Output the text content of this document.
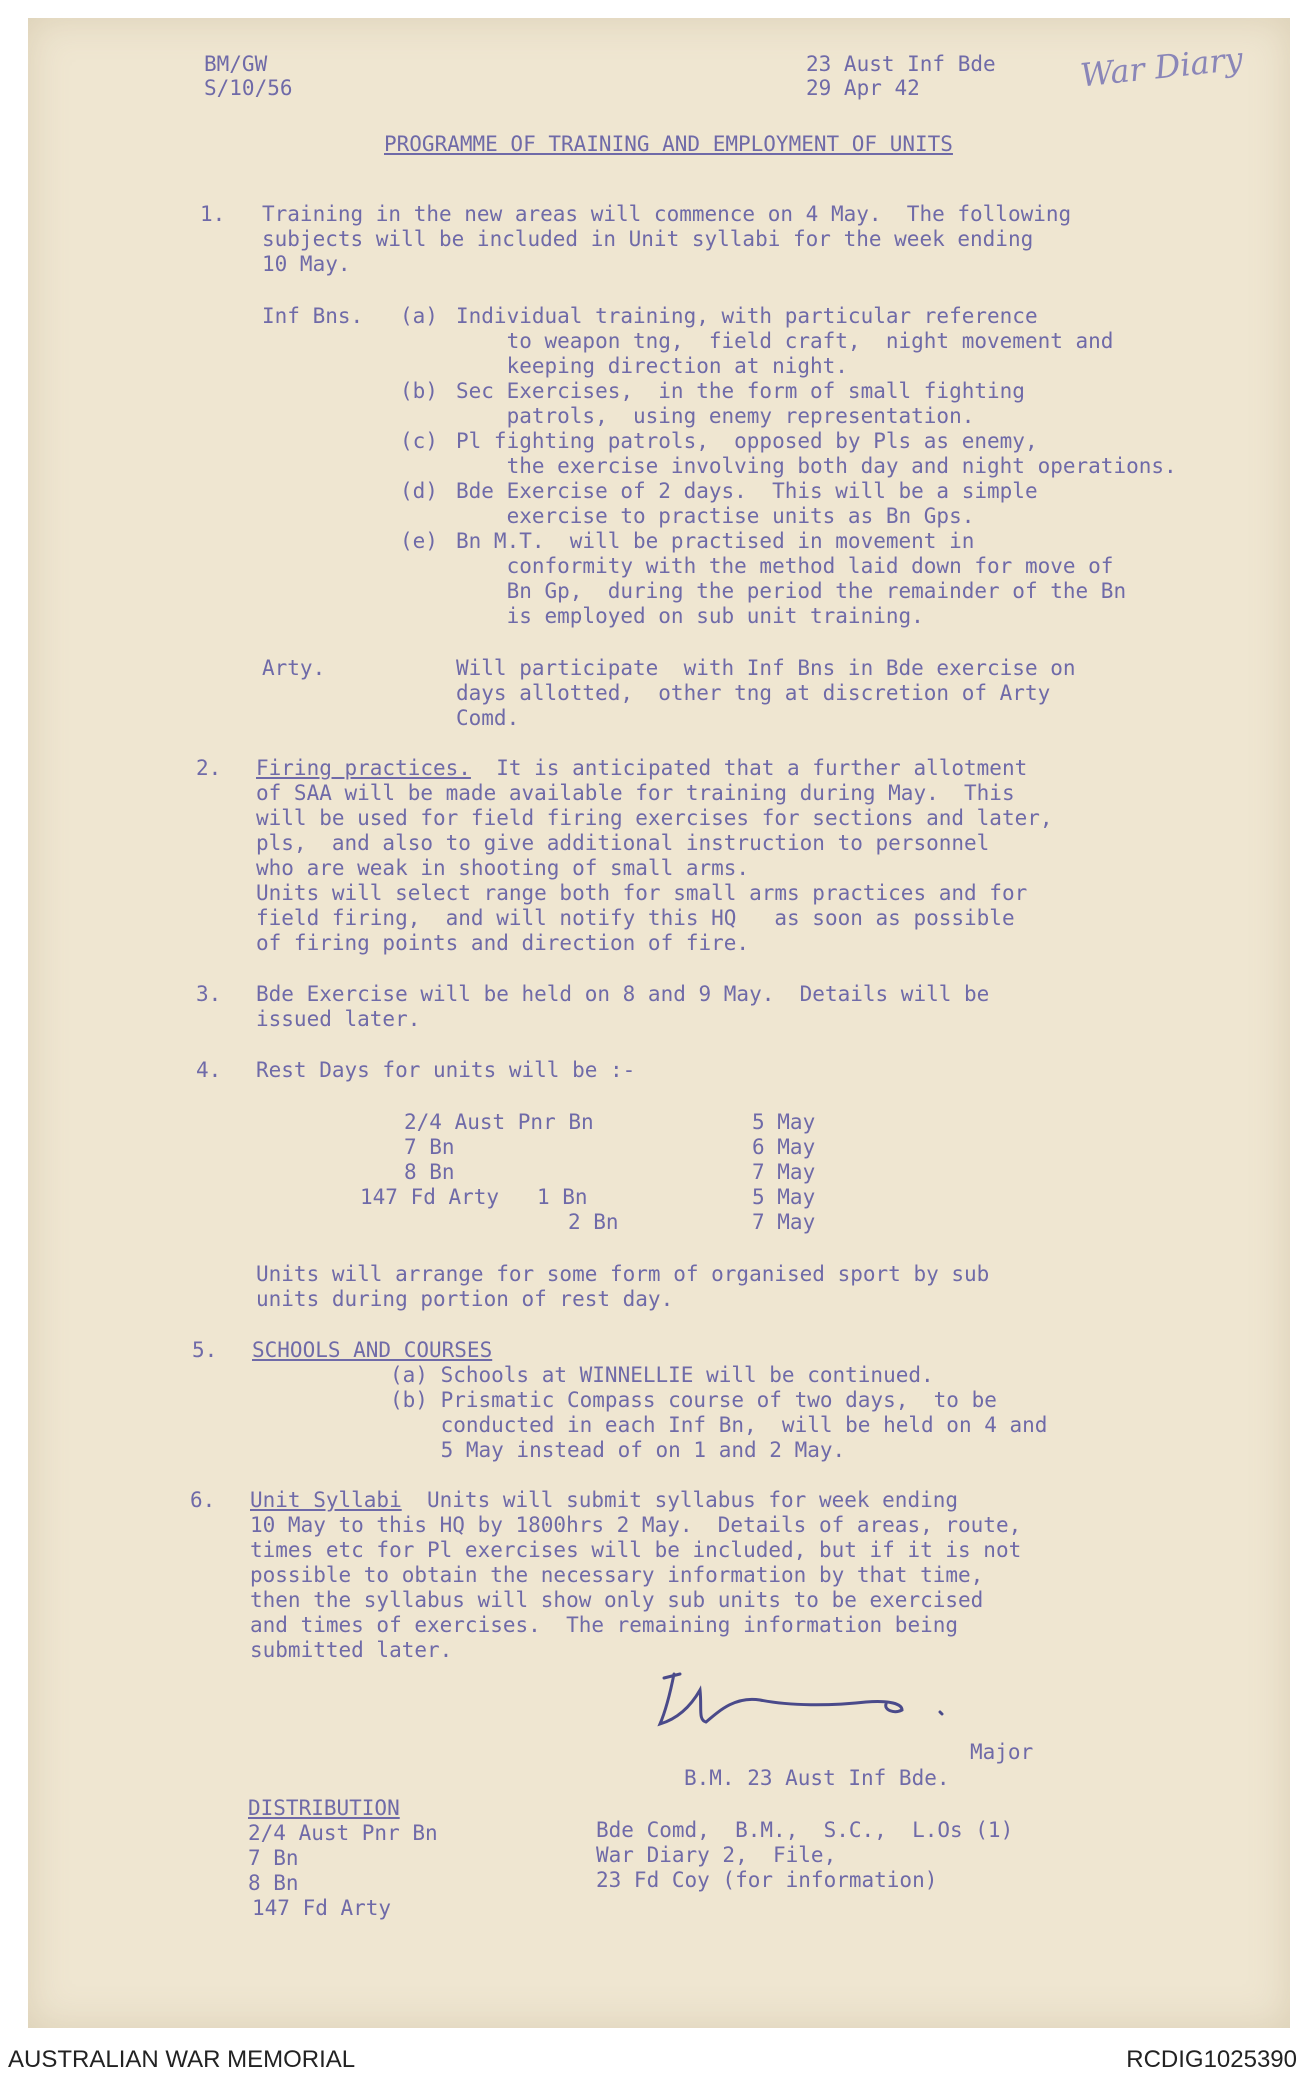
BM/GW
S/10/56
23 Aust Inf Bde
29 Apr 42	War Diary
PROGRAMME OF TRAINING AND EMPLOYMENT OF UNITS
1. Training in the new areas will commence on 4 May.  The following
subjects will be included in Unit syllabi for the week ending
10 May.
Inf Bns. (a) Individual training, with particular reference
to weapon tng,  field craft,  night movement and
keeping direction at night.
(b) Sec Exercises,  in the form of small fighting
patrols,  using enemy representation.
(c) Pl fighting patrols,  opposed by Pls as enemy,
the exercise involving both day and night operations.
(d) Bde Exercise of 2 days.  This will be a simple
exercise to practise units as Bn Gps.
(e) Bn M.T.  will be practised in movement in
conformity with the method laid down for move of
Bn Gp,  during the period the remainder of the Bn
is employed on sub unit training.
Arty.	Will participate  with Inf Bns in Bde exercise on
days allotted,  other tng at discretion of Arty
Comd.
2. Firing practices.  It is anticipated that a further allotment
of SAA will be made available for training during May.  This
will be used for field firing exercises for sections and later,
pls,  and also to give additional instruction to personnel
who are weak in shooting of small arms.
Units will select range both for small arms practices and for
field firing,  and will notify this HQ   as soon as possible
of firing points and direction of fire.
3. Bde Exercise will be held on 8 and 9 May.  Details will be
issued later.
4. Rest Days for units will be :-
2/4 Aust Pnr Bn	5 May
7 Bn	6 May
8 Bn	7 May
147 Fd Arty   1 Bn	5 May
2 Bn	7 May
Units will arrange for some form of organised sport by sub
units during portion of rest day.
5. SCHOOLS AND COURSES
(a) Schools at WINNELLIE will be continued.
(b) Prismatic Compass course of two days,  to be
conducted in each Inf Bn,  will be held on 4 and
5 May instead of on 1 and 2 May.
6. Unit Syllabi  Units will submit syllabus for week ending
10 May to this HQ by 1800hrs 2 May.  Details of areas, route,
times etc for Pl exercises will be included, but if it is not
possible to obtain the necessary information by that time,
then the syllabus will show only sub units to be exercised
and times of exercises.  The remaining information being
submitted later.
Major
B.M. 23 Aust Inf Bde.
DISTRIBUTION
2/4 Aust Pnr Bn
7 Bn
8 Bn
147 Fd Arty
Bde Comd,  B.M.,  S.C.,  L.Os (1)
War Diary 2,  File,
23 Fd Coy (for information)
AUSTRALIAN WAR MEMORIAL	RCDIG1025390
